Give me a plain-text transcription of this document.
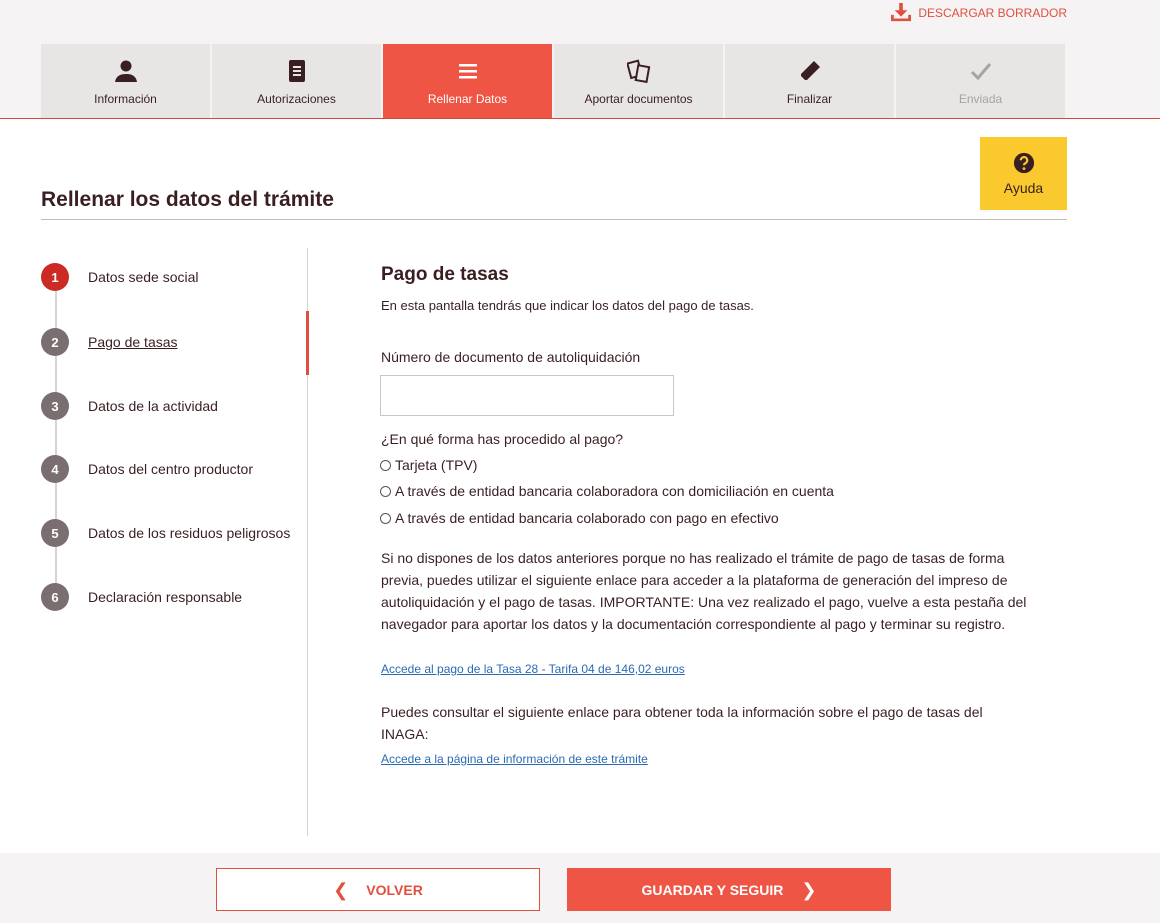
DESCARGAR BORRADOR
Información	Autorizaciones	Rellenar Datos	Aportar documentos	Finalizar	Enviada
Ayuda
Rellenar los datos del trámite
1	Datos sede social
2	Pago de tasas
3	Datos de la actividad
4	Datos del centro productor
5	Datos de los residuos peligrosos
6	Declaración responsable
Pago de tasas

En esta pantalla tendrás que indicar los datos del pago de tasas.

Número de documento de autoliquidación

¿En qué forma has procedido al pago?

Tarjeta (TPV)
A través de entidad bancaria colaboradora con domiciliación en cuenta
A través de entidad bancaria colaborado con pago en efectivo

Si no dispones de los datos anteriores porque no has realizado el trámite de pago de tasas de forma previa, puedes utilizar el siguiente enlace para acceder a la plataforma de generación del impreso de autoliquidación y el pago de tasas. IMPORTANTE: Una vez realizado el pago, vuelve a esta pestaña del navegador para aportar los datos y la documentación correspondiente al pago y terminar su registro.

Accede al pago de la Tasa 28 - Tarifa 04 de 146,02 euros

Puedes consultar el siguiente enlace para obtener toda la información sobre el pago de tasas del INAGA:

Accede a la página de información de este trámite
❮ VOLVER	GUARDAR Y SEGUIR ❯
